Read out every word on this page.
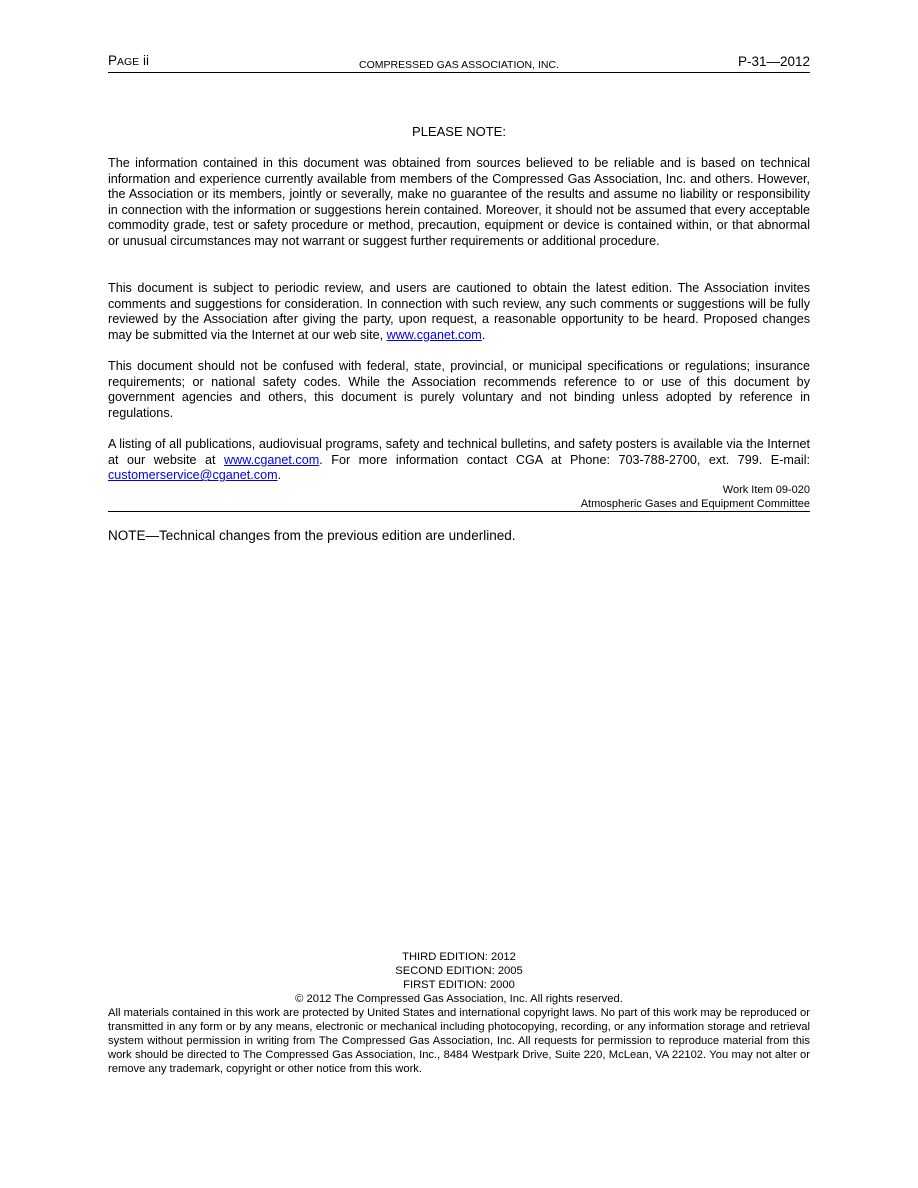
PAGE ii	COMPRESSED GAS ASSOCIATION, INC.	P-31—2012
PLEASE NOTE:

The information contained in this document was obtained from sources believed to be reliable and is based on technical information and experience currently available from members of the Compressed Gas Association, Inc. and others. However, the Association or its members, jointly or severally, make no guarantee of the results and assume no liability or responsibility in connection with the information or suggestions herein contained. Moreover, it should not be assumed that every acceptable commodity grade, test or safety procedure or method, precaution, equipment or device is contained within, or that abnormal or unusual circumstances may not warrant or suggest further requirements or additional procedure.

This document is subject to periodic review, and users are cautioned to obtain the latest edition. The Association invites comments and suggestions for consideration. In connection with such review, any such comments or suggestions will be fully reviewed by the Association after giving the party, upon request, a reasonable opportunity to be heard. Proposed changes may be submitted via the Internet at our web site, www.cganet.com.

This document should not be confused with federal, state, provincial, or municipal specifications or regulations; insurance requirements; or national safety codes. While the Association recommends reference to or use of this document by government agencies and others, this document is purely voluntary and not binding unless adopted by reference in regulations.

A listing of all publications, audiovisual programs, safety and technical bulletins, and safety posters is available via the Internet at our website at www.cganet.com. For more information contact CGA at Phone: 703-788-2700, ext. 799. E-mail: customerservice@cganet.com.

Work Item 09-020
Atmospheric Gases and Equipment Committee
NOTE—Technical changes from the previous edition are underlined.
THIRD EDITION: 2012
SECOND EDITION: 2005
FIRST EDITION: 2000
© 2012 The Compressed Gas Association, Inc. All rights reserved.

All materials contained in this work are protected by United States and international copyright laws. No part of this work may be reproduced or transmitted in any form or by any means, electronic or mechanical including photocopying, recording, or any information storage and retrieval system without permission in writing from The Compressed Gas Association, Inc. All requests for permission to reproduce material from this work should be directed to The Compressed Gas Association, Inc., 8484 Westpark Drive, Suite 220, McLean, VA 22102. You may not alter or remove any trademark, copyright or other notice from this work.
